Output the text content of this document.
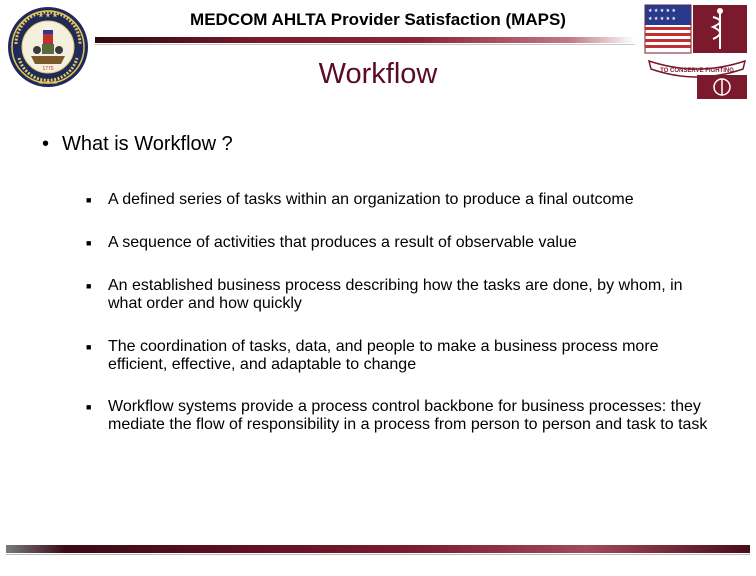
★ ★ ★
★ ★ ★
1775
★ ★ ★ ★ ★
★ ★ ★ ★ ★
TO CONSERVE FIGHTING
MEDCOM AHLTA Provider Satisfaction (MAPS)
Workflow
• What is Workflow ?
■ A defined series of tasks within an organization to produce a final outcome
■ A sequence of activities that produces a result of observable value
■ An established business process describing how the tasks are done, by whom, in what order and how quickly
■ The coordination of tasks, data, and people to make a business process more efficient, effective, and adaptable to change
■ Workflow systems provide a process control backbone for business processes: they mediate the flow of responsibility in a process from person to person and task to task
